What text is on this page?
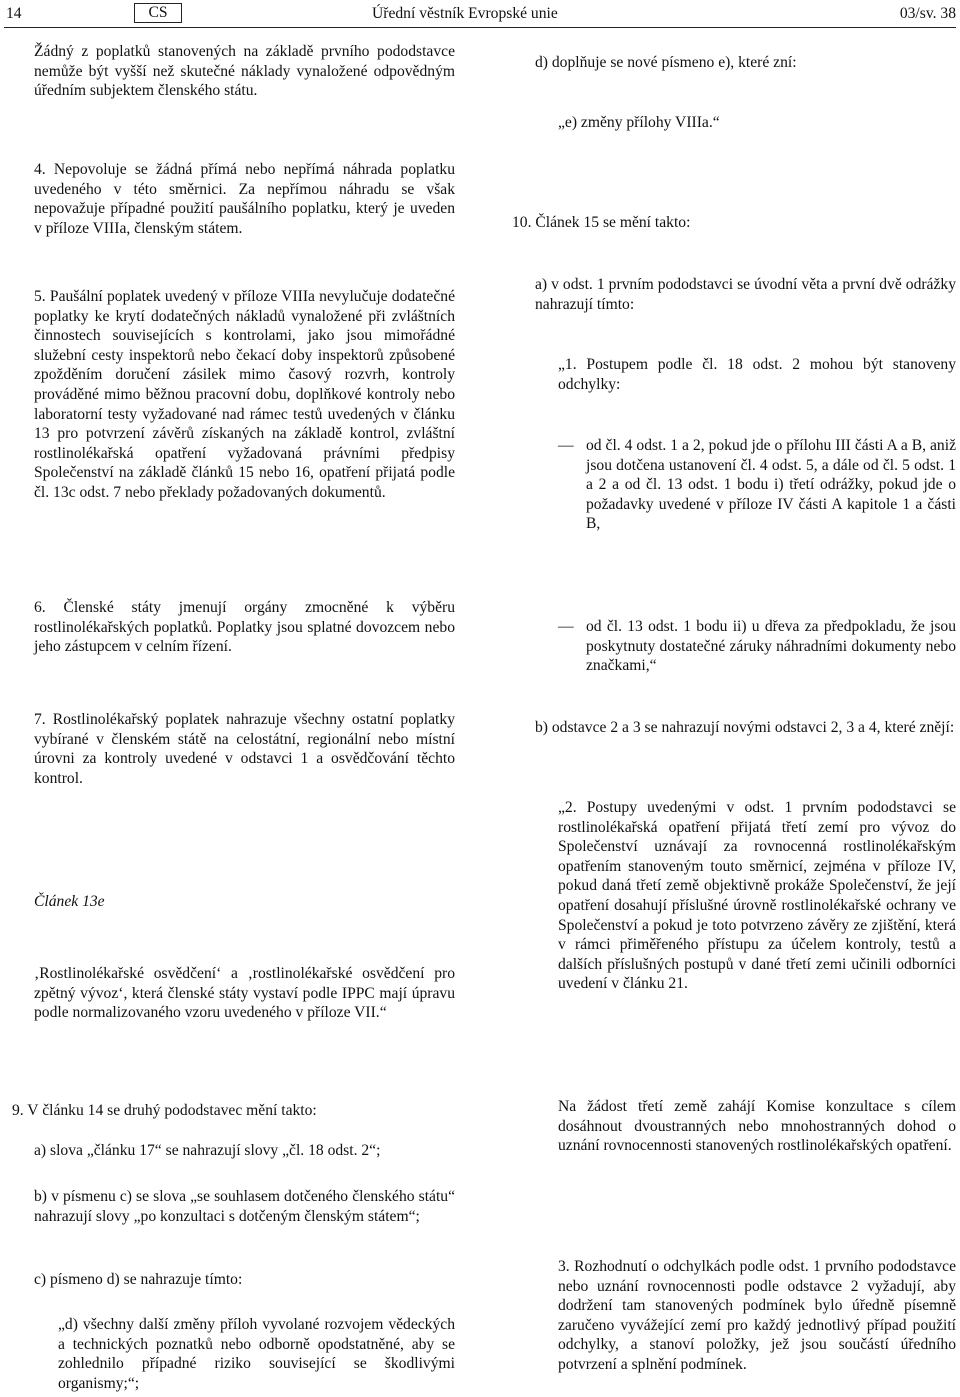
14	CS	Úřední věstník Evropské unie	03/sv. 38

Žádný z poplatků stanovených na základě prvního pododstavce nemůže být vyšší než skutečné náklady vynaložené odpovědným úředním subjektem členského státu.

4. Nepovoluje se žádná přímá nebo nepřímá náhrada poplatku uvedeného v této směrnici. Za nepřímou náhradu se však nepovažuje případné použití paušálního poplatku, který je uveden v příloze VIIIa, členským státem.

5. Paušální poplatek uvedený v příloze VIIIa nevylučuje dodatečné poplatky ke krytí dodatečných nákladů vynaložené při zvláštních činnostech souvisejících s kontrolami, jako jsou mimořádné služební cesty inspektorů nebo čekací doby inspektorů způsobené zpožděním doručení zásilek mimo časový rozvrh, kontroly prováděné mimo běžnou pracovní dobu, doplňkové kontroly nebo laboratorní testy vyžadované nad rámec testů uvedených v článku 13 pro potvrzení závěrů získaných na základě kontrol, zvláštní rostlinolékařská opatření vyžadovaná právními předpisy Společenství na základě článků 15 nebo 16, opatření přijatá podle čl. 13c odst. 7 nebo překlady požadovaných dokumentů.

6. Členské státy jmenují orgány zmocněné k výběru rostlinolékařských poplatků. Poplatky jsou splatné dovozcem nebo jeho zástupcem v celním řízení.

7. Rostlinolékařský poplatek nahrazuje všechny ostatní poplatky vybírané v členském státě na celostátní, regionální nebo místní úrovni za kontroly uvedené v odstavci 1 a osvědčování těchto kontrol.

Článek 13e

‚Rostlinolékařské osvědčení‘ a ‚rostlinolékařské osvědčení pro zpětný vývoz‘, která členské státy vystaví podle IPPC mají úpravu podle normalizovaného vzoru uvedeného v příloze VII.“

9. V článku 14 se druhý pododstavec mění takto:

a) slova „článku 17“ se nahrazují slovy „čl. 18 odst. 2“;

b) v písmenu c) se slova „se souhlasem dotčeného členského státu“ nahrazují slovy „po konzultaci s dotčeným členským státem“;

c) písmeno d) se nahrazuje tímto:

„d) všechny další změny příloh vyvolané rozvojem vědeckých a technických poznatků nebo odborně opodstatněné, aby se zohlednilo případné riziko související se škodlivými organismy;“;

d) doplňuje se nové písmeno e), které zní:

„e) změny přílohy VIIIa.“

10. Článek 15 se mění takto:

a) v odst. 1 prvním pododstavci se úvodní věta a první dvě odrážky nahrazují tímto:

„1. Postupem podle čl. 18 odst. 2 mohou být stanoveny odchylky:

— od čl. 4 odst. 1 a 2, pokud jde o přílohu III části A a B, aniž jsou dotčena ustanovení čl. 4 odst. 5, a dále od čl. 5 odst. 1 a 2 a od čl. 13 odst. 1 bodu i) třetí odrážky, pokud jde o požadavky uvedené v příloze IV části A kapitole 1 a části B,
— od čl. 13 odst. 1 bodu ii) u dřeva za předpokladu, že jsou poskytnuty dostatečné záruky náhradními dokumenty nebo značkami,“

b) odstavce 2 a 3 se nahrazují novými odstavci 2, 3 a 4, které znějí:

„2. Postupy uvedenými v odst. 1 prvním pododstavci se rostlinolékařská opatření přijatá třetí zemí pro vývoz do Společenství uznávají za rovnocenná rostlinolékařským opatřením stanoveným touto směrnicí, zejména v příloze IV, pokud daná třetí země objektivně prokáže Společenství, že její opatření dosahují příslušné úrovně rostlinolékařské ochrany ve Společenství a pokud je toto potvrzeno závěry ze zjištění, která v rámci přiměřeného přístupu za účelem kontroly, testů a dalších příslušných postupů v dané třetí zemi učinili odborníci uvedení v článku 21.

Na žádost třetí země zahájí Komise konzultace s cílem dosáhnout dvoustranných nebo mnohostranných dohod o uznání rovnocennosti stanovených rostlinolékařských opatření.

3. Rozhodnutí o odchylkách podle odst. 1 prvního pododstavce nebo uznání rovnocennosti podle odstavce 2 vyžadují, aby dodržení tam stanovených podmínek bylo úředně písemně zaručeno vyvážející zemí pro každý jednotlivý případ použití odchylky, a stanoví položky, jež jsou součástí úředního potvrzení a splnění podmínek.
